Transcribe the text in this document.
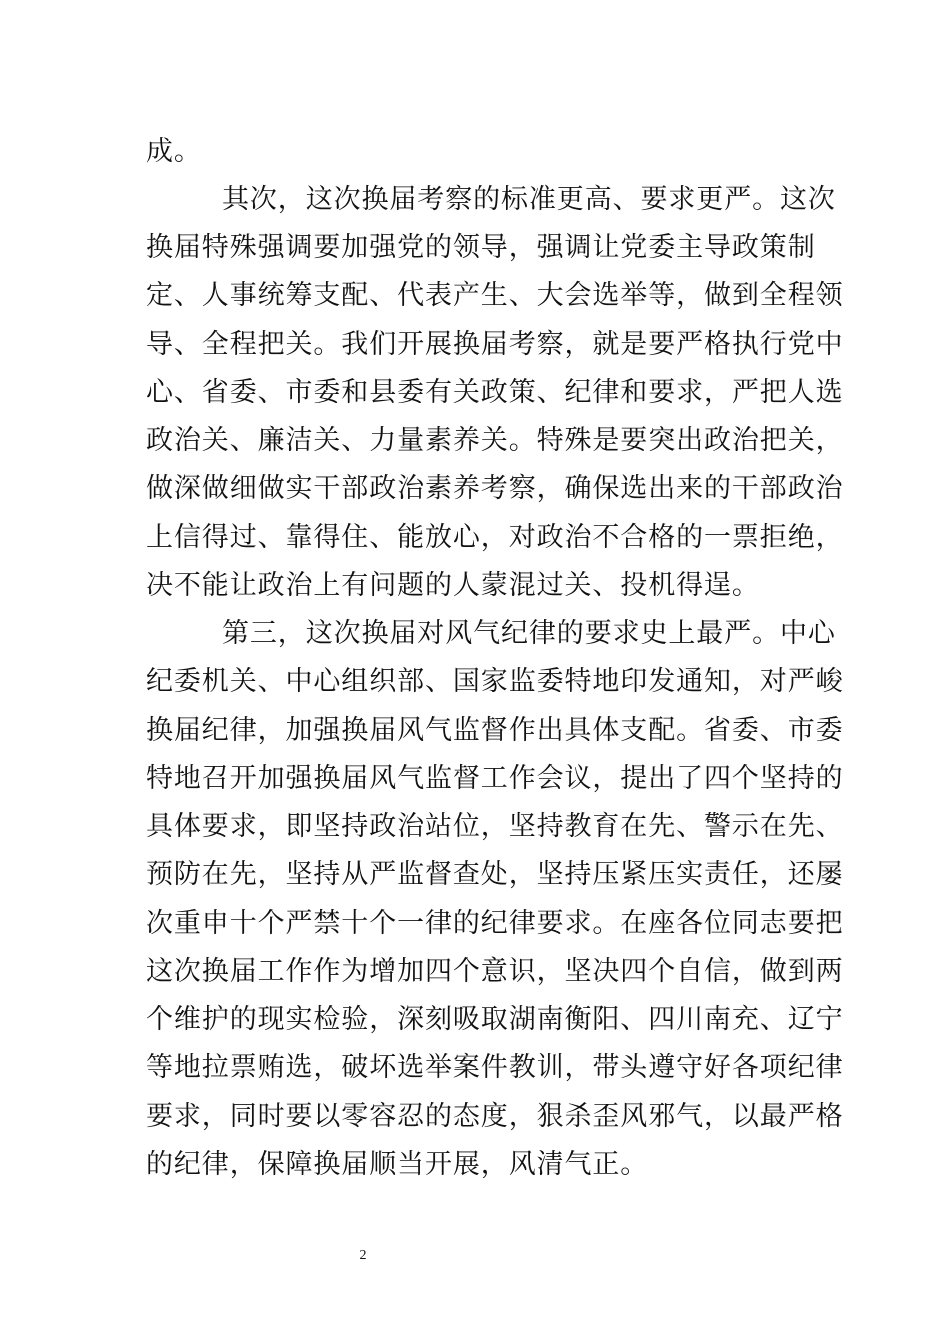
成。
其次，这次换届考察的标准更高、要求更严。这次
换届特殊强调要加强党的领导，强调让党委主导政策制
定、人事统筹支配、代表产生、大会选举等，做到全程领
导、全程把关。我们开展换届考察，就是要严格执行党中
心、省委、市委和县委有关政策、纪律和要求，严把人选
政治关、廉洁关、力量素养关。特殊是要突出政治把关，
做深做细做实干部政治素养考察，确保选出来的干部政治
上信得过、靠得住、能放心，对政治不合格的一票拒绝，
决不能让政治上有问题的人蒙混过关、投机得逞。
第三，这次换届对风气纪律的要求史上最严。中心
纪委机关、中心组织部、国家监委特地印发通知，对严峻
换届纪律，加强换届风气监督作出具体支配。省委、市委
特地召开加强换届风气监督工作会议，提出了四个坚持的
具体要求，即坚持政治站位，坚持教育在先、警示在先、
预防在先，坚持从严监督查处，坚持压紧压实责任，还屡
次重申十个严禁十个一律的纪律要求。在座各位同志要把
这次换届工作作为增加四个意识，坚决四个自信，做到两
个维护的现实检验，深刻吸取湖南衡阳、四川南充、辽宁
等地拉票贿选，破坏选举案件教训，带头遵守好各项纪律
要求，同时要以零容忍的态度，狠杀歪风邪气，以最严格
的纪律，保障换届顺当开展，风清气正。
2
